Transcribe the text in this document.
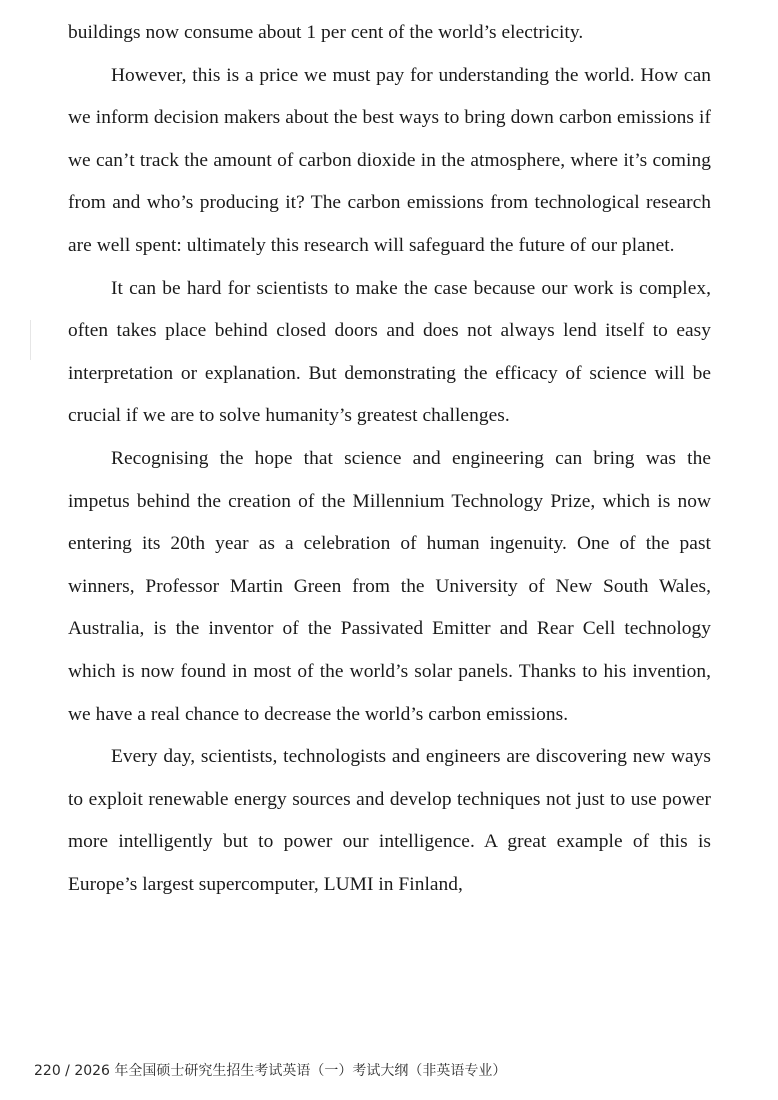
buildings now consume about 1 per cent of the world’s electricity.

However, this is a price we must pay for understanding the world. How can we inform decision makers about the best ways to bring down carbon emissions if we can’t track the amount of carbon dioxide in the atmosphere, where it’s coming from and who’s producing it? The carbon emissions from technological research are well spent: ultimately this research will safeguard the future of our planet.

It can be hard for scientists to make the case because our work is complex, often takes place behind closed doors and does not always lend itself to easy interpretation or explanation. But demonstrating the efficacy of science will be crucial if we are to solve humanity’s greatest challenges.

Recognising the hope that science and engineering can bring was the impetus behind the creation of the Millennium Technology Prize, which is now entering its 20th year as a celebration of human ingenuity. One of the past winners, Professor Martin Green from the University of New South Wales, Australia, is the inventor of the Passivated Emitter and Rear Cell technology which is now found in most of the world’s solar panels. Thanks to his invention, we have a real chance to decrease the world’s carbon emissions.

Every day, scientists, technologists and engineers are discovering new ways to exploit renewable energy sources and develop techniques not just to use power more intelligently but to power our intelligence. A great example of this is Europe’s largest supercomputer, LUMI in Finland,

220 / 2026 年全国硕士研究生招生考试英语（一）考试大纲（非英语专业）
